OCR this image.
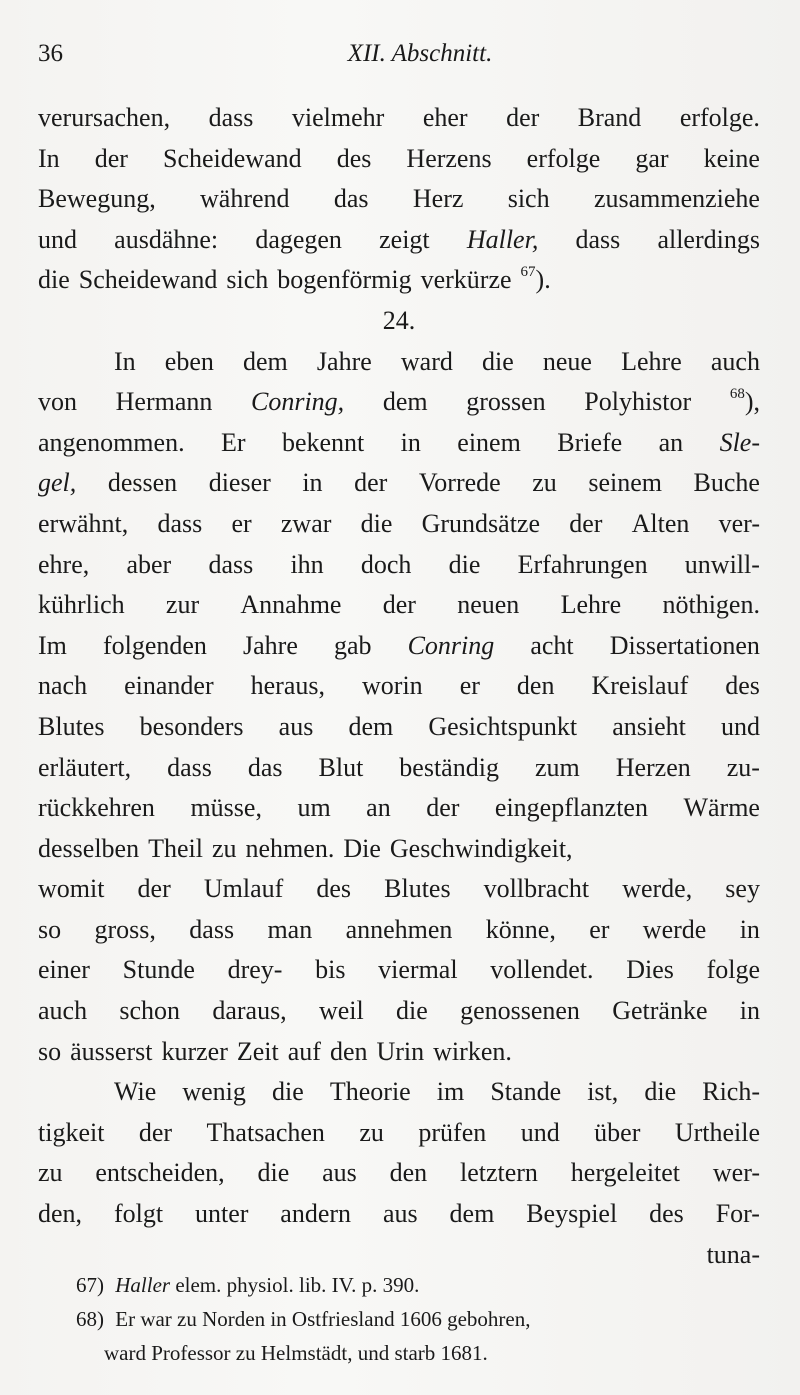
36	XII. Abschnitt.
verursachen, dass vielmehr eher der Brand erfolge.
In der Scheidewand des Herzens erfolge gar keine
Bewegung, während das Herz sich zusammenziehe
und ausdähne: dagegen zeigt Haller, dass allerdings
die Scheidewand sich bogenförmig verkürze $^{67}$).
24.
In eben dem Jahre ward die neue Lehre auch
von Hermann Conring, dem grossen Polyhistor	$^{68}$),
angenommen. Er bekennt in einem Briefe an Sle-
gel, dessen dieser in der Vorrede zu seinem Buche
erwähnt, dass er zwar die Grundsätze der Alten ver-
ehre, aber dass ihn doch die Erfahrungen unwill-
kührlich zur Annahme der neuen Lehre nöthigen.
Im folgenden Jahre gab Conring acht Dissertationen
nach einander heraus, worin er den Kreislauf des
Blutes besonders aus dem Gesichtspunkt ansieht und
erläutert, dass das Blut beständig zum Herzen zu-
rückkehren müsse, um an der eingepflanzten Wärme
desselben Theil zu nehmen. Die Geschwindigkeit,
womit der Umlauf des Blutes vollbracht werde, sey
so gross, dass man annehmen könne, er werde in
einer Stunde drey- bis viermal vollendet. Dies folge
auch schon daraus, weil die genossenen Getränke in
so äusserst kurzer Zeit auf den Urin wirken.
Wie wenig die Theorie im Stande ist, die Rich-
tigkeit der Thatsachen zu prüfen und über Urtheile
zu entscheiden, die aus den letztern hergeleitet wer-
den, folgt unter andern aus dem Beyspiel des For-
tuna-
67) Haller elem. physiol. lib. IV. p. 390.
68) Er war zu Norden in Ostfriesland 1606 gebohren,
ward Professor zu Helmstädt, und starb 1681.
